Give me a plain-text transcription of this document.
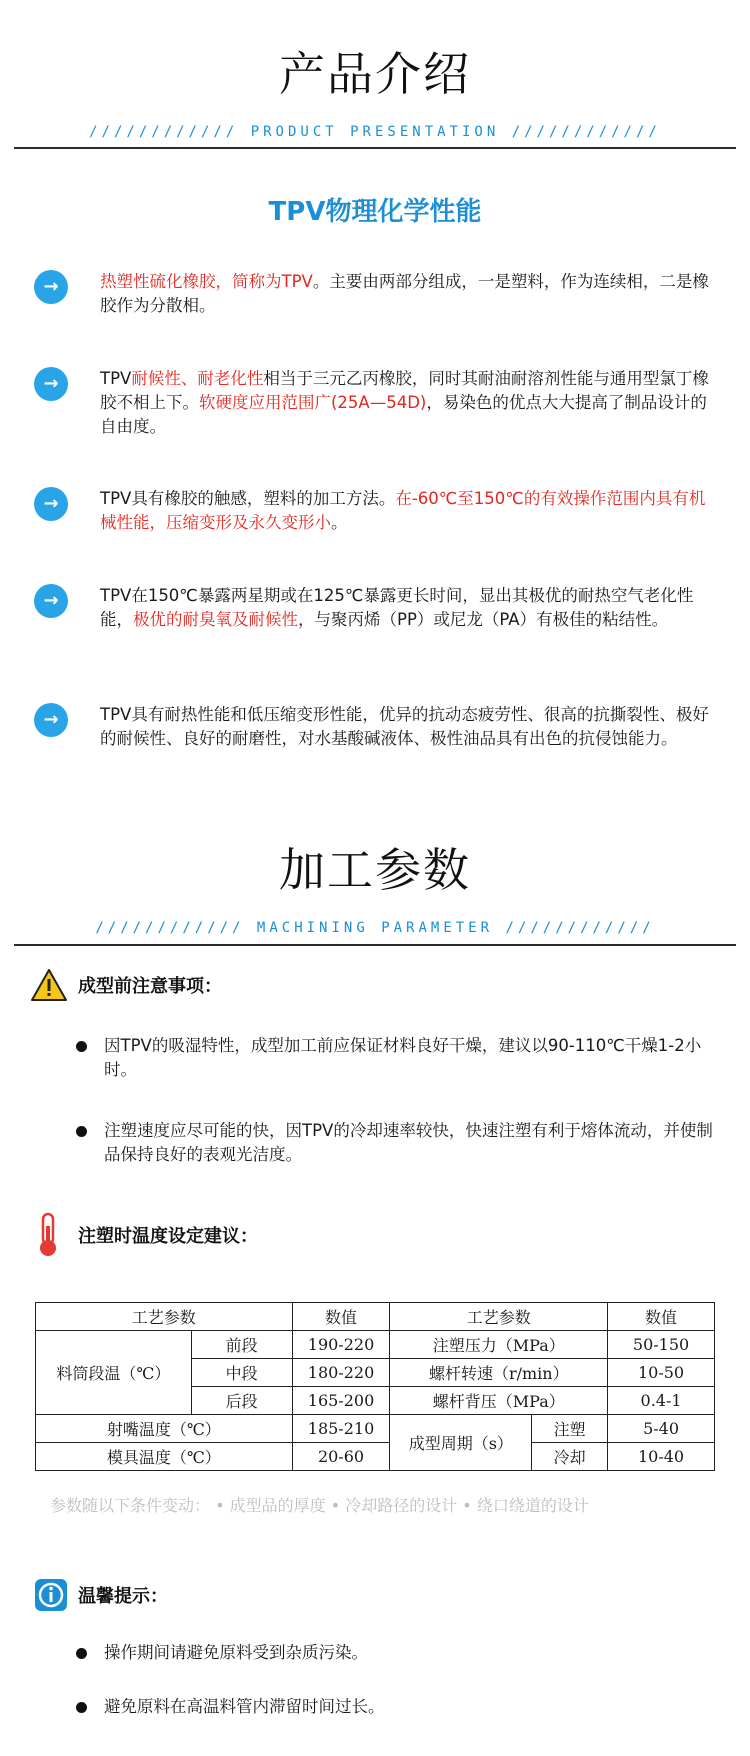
产品介绍
//////////// PRODUCT PRESENTATION ////////////
TPV物理化学性能
→	热塑性硫化橡胶，简称为TPV。主要由两部分组成，一是塑料，作为连续相，二是橡胶作为分散相。
→	TPV耐候性、耐老化性相当于三元乙丙橡胶，同时其耐油耐溶剂性能与通用型氯丁橡胶不相上下。软硬度应用范围广(25A—54D)，易染色的优点大大提高了制品设计的自由度。
→	TPV具有橡胶的触感，塑料的加工方法。在-60℃至150℃的有效操作范围内具有机械性能，压缩变形及永久变形小。
→	TPV在150℃暴露两星期或在125℃暴露更长时间，显出其极优的耐热空气老化性能，极优的耐臭氧及耐候性，与聚丙烯（PP）或尼龙（PA）有极佳的粘结性。
→	TPV具有耐热性能和低压缩变形性能，优异的抗动态疲劳性、很高的抗撕裂性、极好的耐候性、良好的耐磨性，对水基酸碱液体、极性油品具有出色的抗侵蚀能力。
加工参数
//////////// MACHINING PARAMETER ////////////
成型前注意事项：
因TPV的吸湿特性，成型加工前应保证材料良好干燥，建议以90-110℃干燥1-2小时。
注塑速度应尽可能的快，因TPV的冷却速率较快，快速注塑有利于熔体流动，并使制品保持良好的表观光洁度。
注塑时温度设定建议：
工艺参数		数值	工艺参数		数值
料筒段温（℃）	前段	190-220	注塑压力（MPa）		50-150
	中段	180-220	螺杆转速（r/min）		10-50
	后段	165-200	螺杆背压（MPa）		0.4-1
射嘴温度（℃）		185-210	成型周期（s）	注塑	5-40
模具温度（℃）		20-60		冷却	10-40
参数随以下条件变动： • 成型品的厚度 • 冷却路径的设计 • 绕口绕道的设计
温馨提示：
操作期间请避免原料受到杂质污染。
避免原料在高温料管内滞留时间过长。
